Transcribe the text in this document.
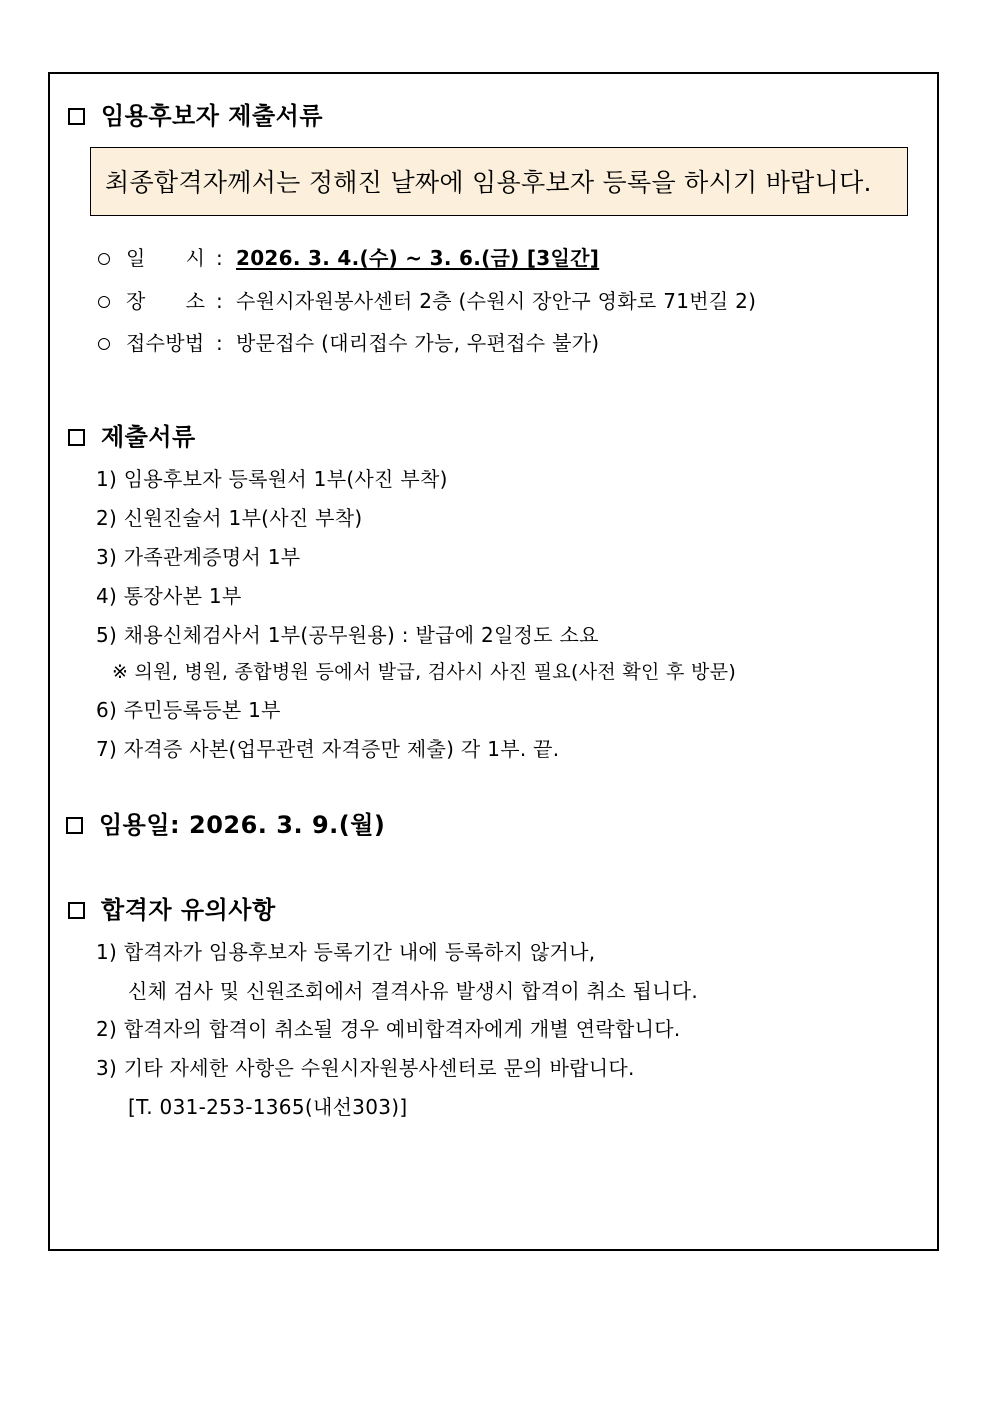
임용후보자 제출서류
최종합격자께서는 정해진 날짜에 임용후보자 등록을 하시기 바랍니다.
일      시 : 2026. 3. 4.(수) ~ 3. 6.(금) [3일간]
장      소 : 수원시자원봉사센터 2층 (수원시 장안구 영화로 71번길 2)
접수방법 : 방문접수 (대리접수 가능, 우편접수 불가)
제출서류
1) 임용후보자 등록원서 1부(사진 부착)
2) 신원진술서 1부(사진 부착)
3) 가족관계증명서 1부
4) 통장사본 1부
5) 채용신체검사서 1부(공무원용) : 발급에 2일정도 소요
※ 의원, 병원, 종합병원 등에서 발급, 검사시 사진 필요(사전 확인 후 방문)
6) 주민등록등본 1부
7) 자격증 사본(업무관련 자격증만 제출) 각 1부. 끝.
임용일: 2026. 3. 9.(월)
합격자 유의사항
1) 합격자가 임용후보자 등록기간 내에 등록하지 않거나,
신체 검사 및 신원조회에서 결격사유 발생시 합격이 취소 됩니다.
2) 합격자의 합격이 취소될 경우 예비합격자에게 개별 연락합니다.
3) 기타 자세한 사항은 수원시자원봉사센터로 문의 바랍니다.
[T. 031-253-1365(내선303)]
